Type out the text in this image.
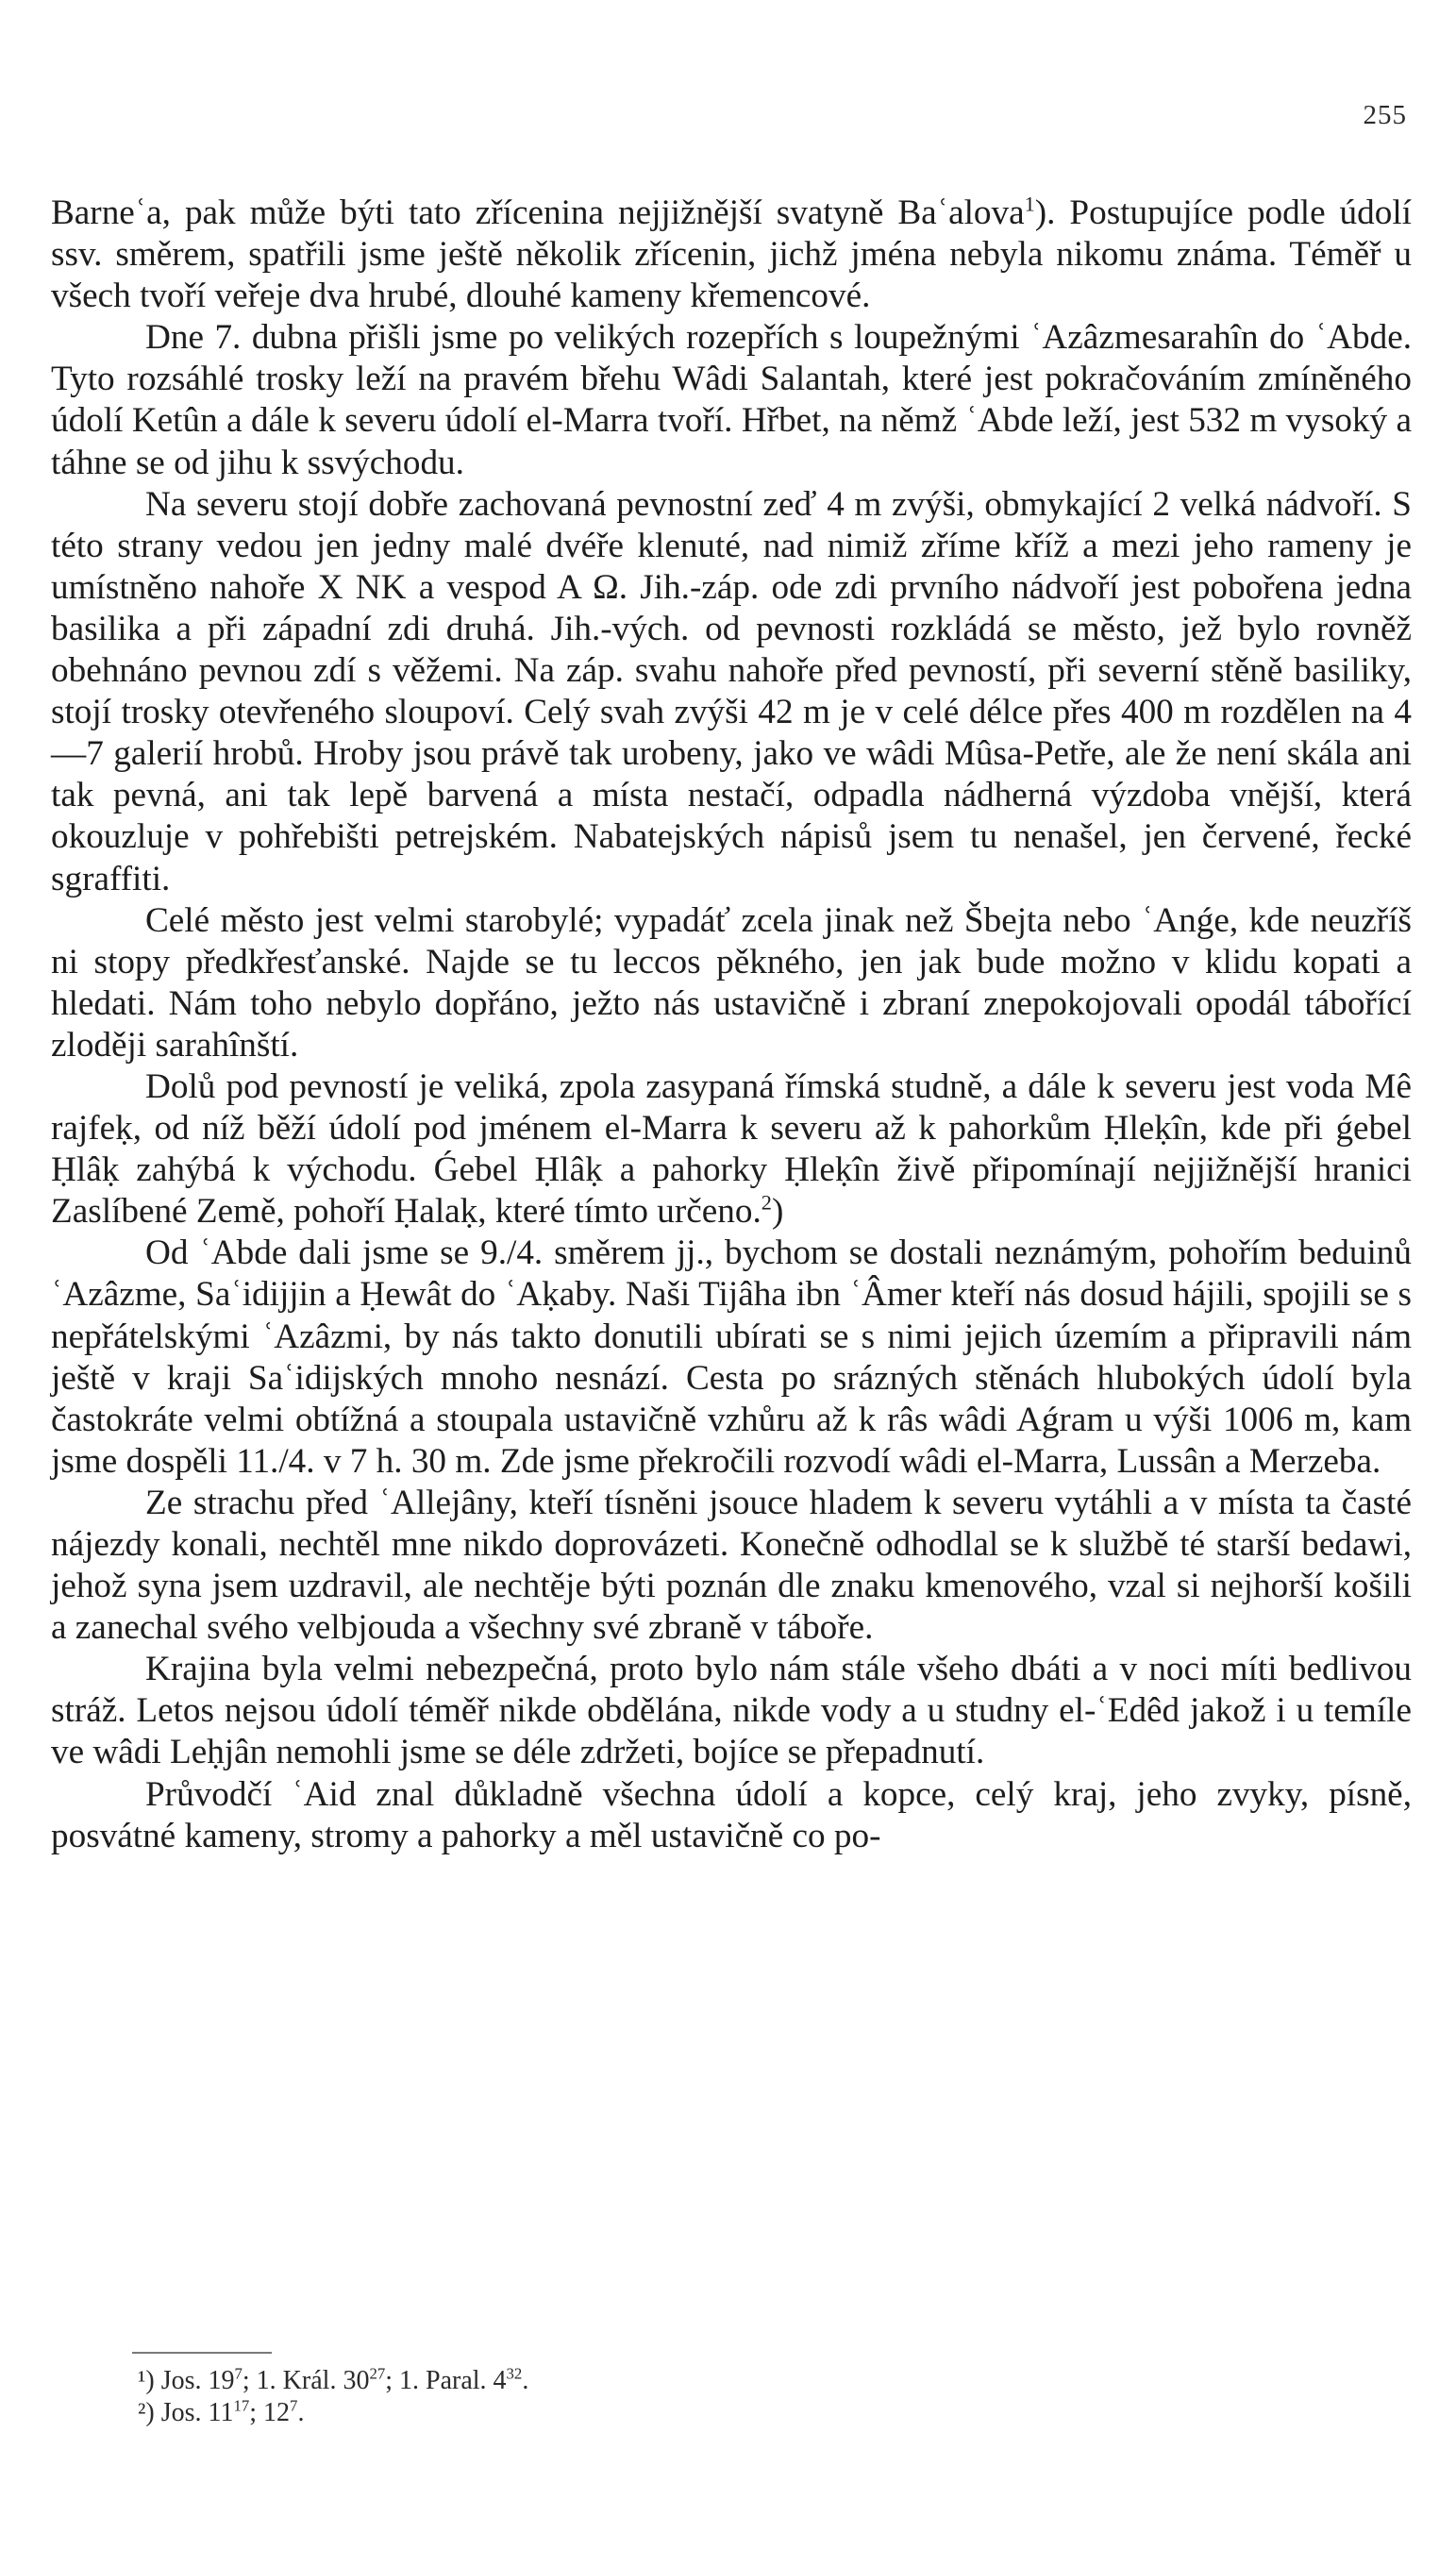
255

Barneʿa, pak může býti tato zřícenina nejjižnější svatyně Baʿalova$^1$). Postupujíce podle údolí ssv. směrem, spatřili jsme ještě několik zřícenin, jichž jména nebyla nikomu známa. Téměř u všech tvoří veřeje dva hrubé, dlouhé kameny křemencové.

Dne 7. dubna přišli jsme po velikých rozepřích s loupežnými ʿAzâzmesarahîn do ʿAbde. Tyto rozsáhlé trosky leží na pravém břehu Wâdi Salantah, které jest pokračováním zmíněného údolí Ketûn a dále k severu údolí el-Marra tvoří. Hřbet, na němž ʿAbde leží, jest 532 m vysoký a táhne se od jihu k ssvýchodu.

Na severu stojí dobře zachovaná pevnostní zeď 4 m zvýši, obmykající 2 velká nádvoří. S této strany vedou jen jedny malé dvéře klenuté, nad nimiž zříme kříž a mezi jeho rameny je umístněno nahoře X NK a vespod A Ω. Jih.-záp. ode zdi prvního nádvoří jest pobořena jedna basilika a při západní zdi druhá. Jih.-vých. od pevnosti rozkládá se město, jež bylo rovněž obehnáno pevnou zdí s věžemi. Na záp. svahu nahoře před pevností, při severní stěně basiliky, stojí trosky otevřeného sloupoví. Celý svah zvýši 42 m je v celé délce přes 400 m rozdělen na 4—7 galerií hrobů. Hroby jsou právě tak urobeny, jako ve wâdi Mûsa-Petře, ale že není skála ani tak pevná, ani tak lepě barvená a místa nestačí, odpadla nádherná výzdoba vnější, která okouzluje v pohřebišti petrejském. Nabatejských nápisů jsem tu nenašel, jen červené, řecké sgraffiti.

Celé město jest velmi starobylé; vypadáť zcela jinak než Šbejta nebo ʿAnǵe, kde neuzříš ni stopy předkřesťanské. Najde se tu leccos pěkného, jen jak bude možno v klidu kopati a hledati. Nám toho nebylo dopřáno, ježto nás ustavičně i zbraní znepokojovali opodál tábořící zloději sarahînští.

Dolů pod pevností je veliká, zpola zasypaná římská studně, a dále k severu jest voda Mê rajfeḳ, od níž běží údolí pod jménem el-Marra k severu až k pahorkům Ḥleḳîn, kde při ǵebel Ḥlâḳ zahýbá k východu. Ǵebel Ḥlâḳ a pahorky Ḥleḳîn živě připomínají nejjižnější hranici Zaslíbené Země, pohoří Ḥalaḳ, které tímto určeno.$^2$)

Od ʿAbde dali jsme se 9./4. směrem jj., bychom se dostali neznámým, pohořím beduinů ʿAzâzme, Saʿidijjin a Ḥewât do ʿAḳaby. Naši Tijâha ibn ʿÂmer kteří nás dosud hájili, spojili se s nepřátelskými ʿAzâzmi, by nás takto donutili ubírati se s nimi jejich územím a připravili nám ještě v kraji Saʿidijských mnoho nesnází. Cesta po srázných stěnách hlubokých údolí byla častokráte velmi obtížná a stoupala ustavičně vzhůru až k râs wâdi Aǵram u výši 1006 m, kam jsme dospěli 11./4. v 7 h. 30 m. Zde jsme překročili rozvodí wâdi el-Marra, Lussân a Merzeba.

Ze strachu před ʿAllejâny, kteří tísněni jsouce hladem k severu vytáhli a v místa ta časté nájezdy konali, nechtěl mne nikdo doprovázeti. Konečně odhodlal se k službě té starší bedawi, jehož syna jsem uzdravil, ale nechtěje býti poznán dle znaku kmenového, vzal si nejhorší košili a zanechal svého velbjouda a všechny své zbraně v táboře.

Krajina byla velmi nebezpečná, proto bylo nám stále všeho dbáti a v noci míti bedlivou stráž. Letos nejsou údolí téměř nikde obdělána, nikde vody a u studny el-ʿEdêd jakož i u temíle ve wâdi Leḥjân nemohli jsme se déle zdržeti, bojíce se přepadnutí.

Průvodčí ʿAid znal důkladně všechna údolí a kopce, celý kraj, jeho zvyky, písně, posvátné kameny, stromy a pahorky a měl ustavičně co po-

¹) Jos. $19^7$; 1. Král. $30^{27}$; 1. Paral. $4^{32}$.

²) Jos. $11^{17}$; $12^7$.
